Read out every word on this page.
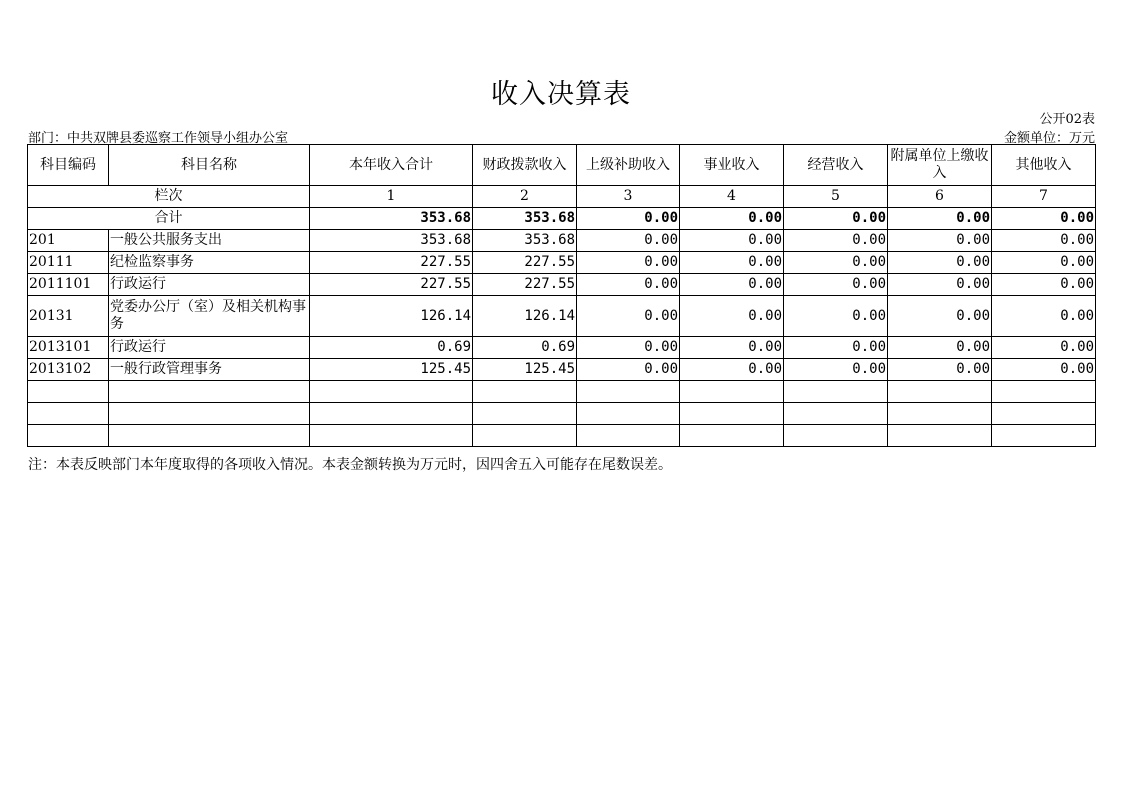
收入决算表
公开02表
部门：中共双牌县委巡察工作领导小组办公室	金额单位：万元
科目编码	科目名称	本年收入合计	财政拨款收入	上级补助收入	事业收入	经营收入	附属单位上缴收入	其他收入
栏次		1	2	3	4	5	6	7
合计		353.68	353.68	0.00	0.00	0.00	0.00	0.00
201	一般公共服务支出	353.68	353.68	0.00	0.00	0.00	0.00	0.00
20111	纪检监察事务	227.55	227.55	0.00	0.00	0.00	0.00	0.00
2011101	行政运行	227.55	227.55	0.00	0.00	0.00	0.00	0.00
20131	党委办公厅（室）及相关机构事务	126.14	126.14	0.00	0.00	0.00	0.00	0.00
2013101	行政运行	0.69	0.69	0.00	0.00	0.00	0.00	0.00
2013102	一般行政管理事务	125.45	125.45	0.00	0.00	0.00	0.00	0.00

注：本表反映部门本年度取得的各项收入情况。本表金额转换为万元时，因四舍五入可能存在尾数误差。
